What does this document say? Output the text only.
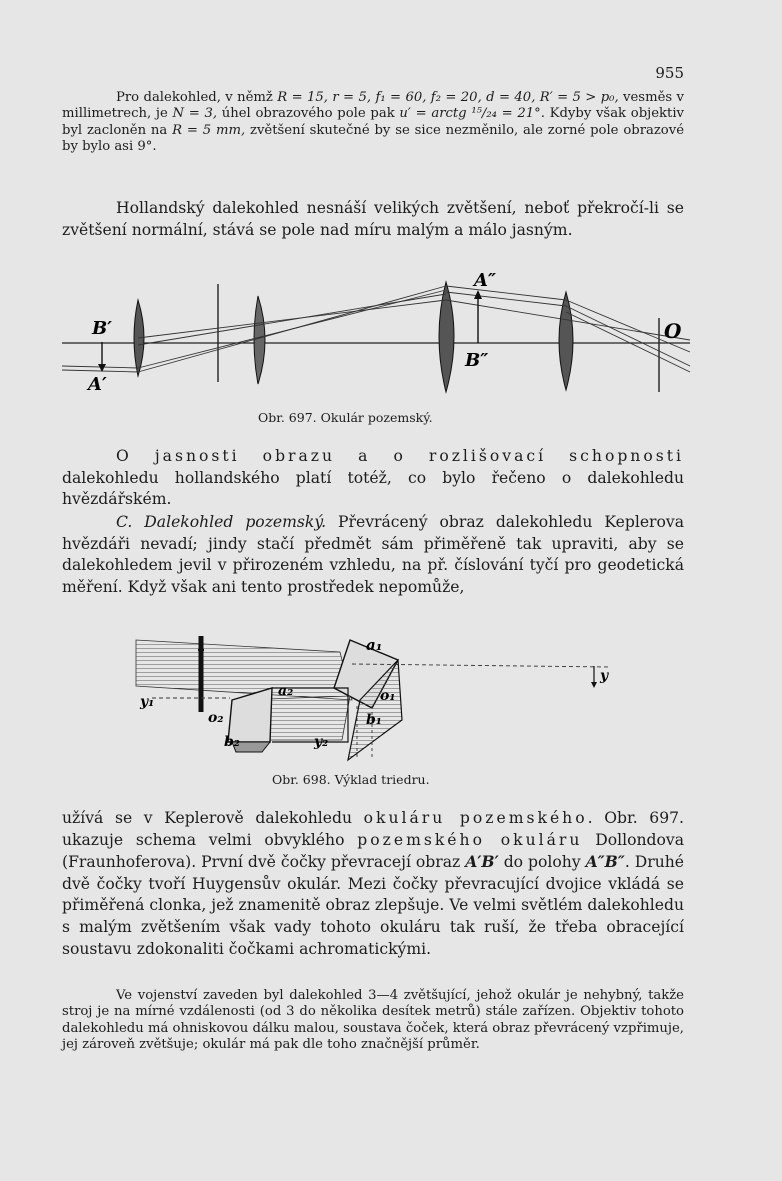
955

Pro dalekohled, v němž R = 15, r = 5, f₁ = 60, f₂ = 20, d = 40, R′ = 5 > p₀, vesměs v millimetrech, je N = 3, úhel obrazového pole pak u′ = arctg ¹⁵/₂₄ = 21°. Kdyby však objektiv byl zacloněn na R = 5 mm, zvětšení skutečné by se sice nezměnilo, ale zorné pole obrazové by bylo asi 9°.

Hollandský dalekohled nesnáší velikých zvětšení, neboť překročí-li se zvětšení normální, stává se pole nad míru malým a málo jasným.

B′
A′
A″
B″
O
Obr. 697. Okulár pozemský.

O jasnosti obrazu a o rozlišovací schopnosti dalekohledu hollandského platí totéž, co bylo řečeno o dalekohledu hvězdářském.

C. Dalekohled pozemský. Převrácený obraz dalekohledu Keplerova hvězdáři nevadí; jindy stačí předmět sám přiměřeně tak upraviti, aby se dalekohledem jevil v přirozeném vzhledu, na př. číslování tyčí pro geodetická měření. Když však ani tento prostředek nepomůže,

a₁
a₂	o₁
o₂	b₁
b₂
y
y₁
y₂
Obr. 698. Výklad triedru.

užívá se v Keplerově dalekohledu okuláru pozemského. Obr. 697. ukazuje schema velmi obvyklého pozemského okuláru Dollondova (Fraunhoferova). První dvě čočky převracejí obraz A′B′ do polohy A″B″. Druhé dvě čočky tvoří Huygensův okulár. Mezi čočky převracující dvojice vkládá se přiměřená clonka, jež znamenitě obraz zlepšuje. Ve velmi světlém dalekohledu s malým zvětšením však vady tohoto okuláru tak ruší, že třeba obracející soustavu zdokonaliti čočkami achromatickými.

Ve vojenství zaveden byl dalekohled 3—4 zvětšující, jehož okulár je nehybný, takže stroj je na mírné vzdálenosti (od 3 do několika desítek metrů) stále zařízen. Objektiv tohoto dalekohledu má ohniskovou dálku malou, soustava čoček, která obraz převrácený vzpřimuje, jej zároveň zvětšuje; okulár má pak dle toho značnější průměr.
